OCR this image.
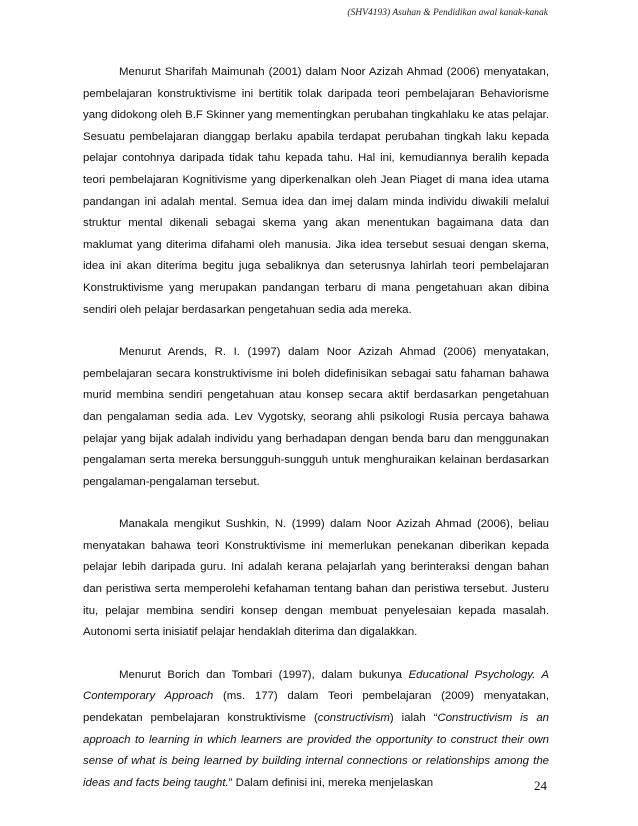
(SHV4193) Asuhan & Pendidikan awal kanak-kanak

Menurut Sharifah Maimunah (2001) dalam Noor Azizah Ahmad (2006) menyatakan, pembelajaran konstruktivisme ini bertitik tolak daripada teori pembelajaran Behaviorisme yang didokong oleh B.F Skinner yang mementingkan perubahan tingkahlaku ke atas pelajar. Sesuatu pembelajaran dianggap berlaku apabila terdapat perubahan tingkah laku kepada pelajar contohnya daripada tidak tahu kepada tahu. Hal ini, kemudiannya beralih kepada teori pembelajaran Kognitivisme yang diperkenalkan oleh Jean Piaget di mana idea utama pandangan ini adalah mental. Semua idea dan imej dalam minda individu diwakili melalui struktur mental dikenali sebagai skema yang akan menentukan bagaimana data dan maklumat yang diterima difahami oleh manusia. Jika idea tersebut sesuai dengan skema, idea ini akan diterima begitu juga sebaliknya dan seterusnya lahirlah teori pembelajaran Konstruktivisme yang merupakan pandangan terbaru di mana pengetahuan akan dibina sendiri oleh pelajar berdasarkan pengetahuan sedia ada mereka.

Menurut Arends, R. I. (1997) dalam Noor Azizah Ahmad (2006) menyatakan, pembelajaran secara konstruktivisme ini boleh didefinisikan sebagai satu fahaman bahawa murid membina sendiri pengetahuan atau konsep secara aktif berdasarkan pengetahuan dan pengalaman sedia ada. Lev Vygotsky, seorang ahli psikologi Rusia percaya bahawa pelajar yang bijak adalah individu yang berhadapan dengan benda baru dan menggunakan pengalaman serta mereka bersungguh-sungguh untuk menghuraikan kelainan berdasarkan pengalaman-pengalaman tersebut.

Manakala mengikut Sushkin, N. (1999) dalam Noor Azizah Ahmad (2006), beliau menyatakan bahawa teori Konstruktivisme ini memerlukan penekanan diberikan kepada pelajar lebih daripada guru. Ini adalah kerana pelajarlah yang berinteraksi dengan bahan dan peristiwa serta memperolehi kefahaman tentang bahan dan peristiwa tersebut. Justeru itu, pelajar membina sendiri konsep dengan membuat penyelesaian kepada masalah. Autonomi serta inisiatif pelajar hendaklah diterima dan digalakkan.

Menurut Borich dan Tombari (1997), dalam bukunya Educational Psychology. A Contemporary Approach (ms. 177) dalam Teori pembelajaran (2009) menyatakan, pendekatan pembelajaran konstruktivisme (constructivism) ialah “Constructivism is an approach to learning in which learners are provided the opportunity to construct their own sense of what is being learned by building internal connections or relationships among the ideas and facts being taught.” Dalam definisi ini, mereka menjelaskan	24
